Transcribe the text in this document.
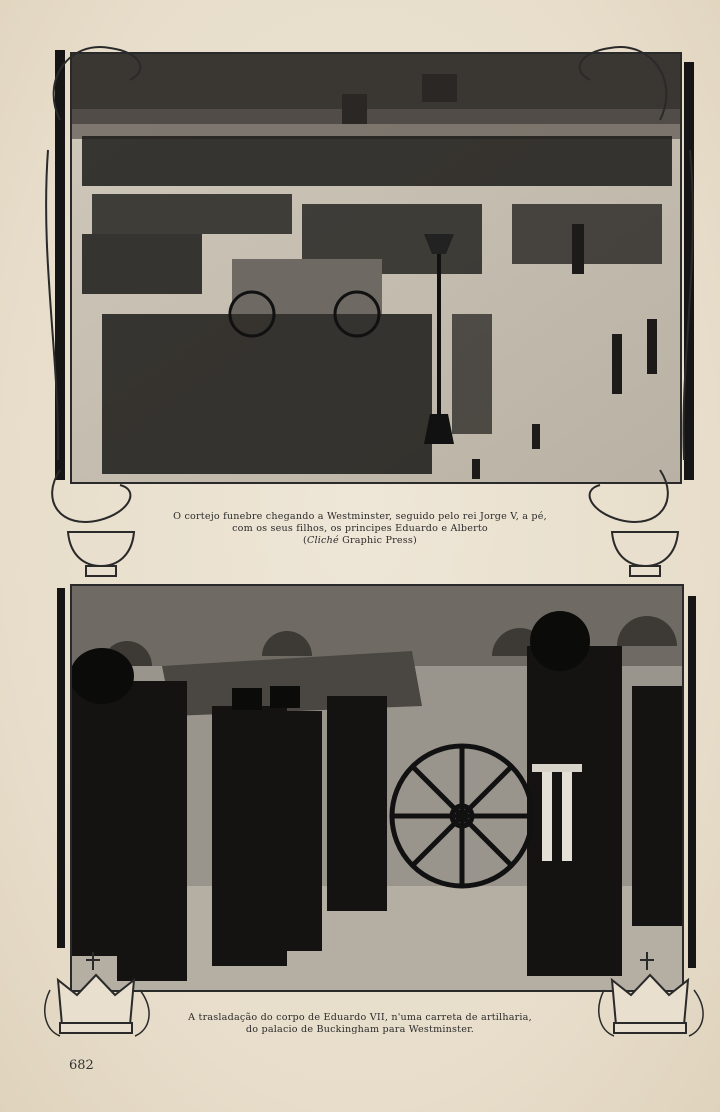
O cortejo funebre chegando a Westminster, seguido pelo rei Jorge V, a pé,
com os seus filhos, os principes Eduardo e Alberto
(Cliché Graphic Press)
A trasladação do corpo de Eduardo VII, n'uma carreta de artilharia,
do palacio de Buckingham para Westminster.
682
